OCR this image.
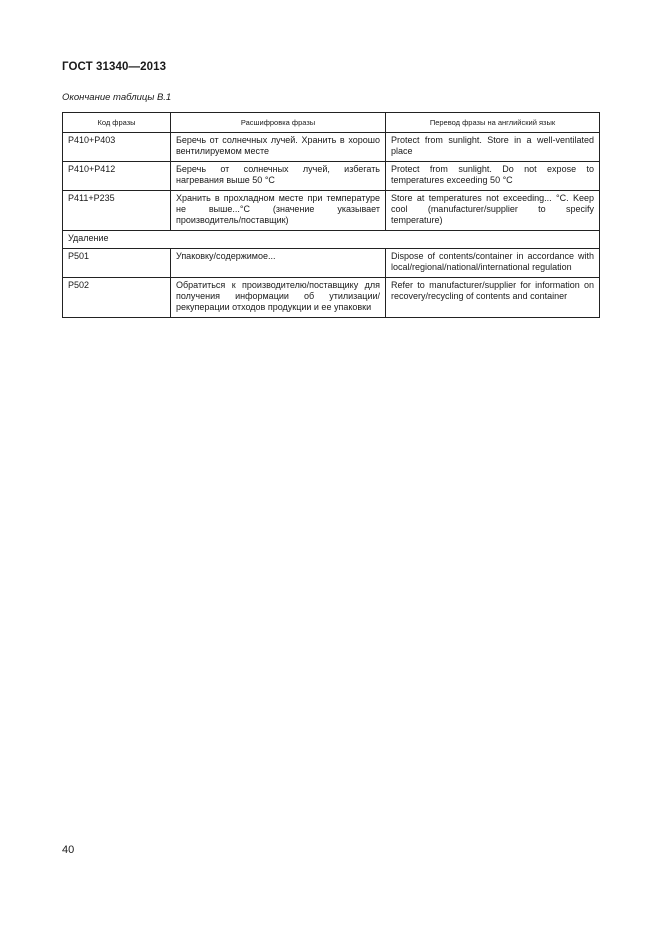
ГОСТ 31340—2013
Окончание таблицы В.1
Код фразы	Расшифровка фразы	Перевод фразы на английский язык
P410+P403	Беречь от солнечных лучей. Хранить в хорошо вентилируемом месте	Protect from sunlight. Store in a well-ventilated place
P410+P412	Беречь от солнечных лучей, избегать нагревания выше 50 °С	Protect from sunlight. Do not expose to temperatures exceeding 50 °C
P411+P235	Хранить в прохладном месте при температуре не выше...°С (значение указывает производитель/поставщик)	Store at temperatures not exceeding... °C. Keep cool (manufacturer/supplier to specify temperature)
Удаление		
P501	Упаковку/содержимое...	Dispose of contents/container in accordance with local/regional/national/international regulation
P502	Обратиться к производителю/поставщику для получения информации об утилизации/рекуперации отходов продукции и ее упаковки	Refer to manufacturer/supplier for information on recovery/recycling of contents and container
40
